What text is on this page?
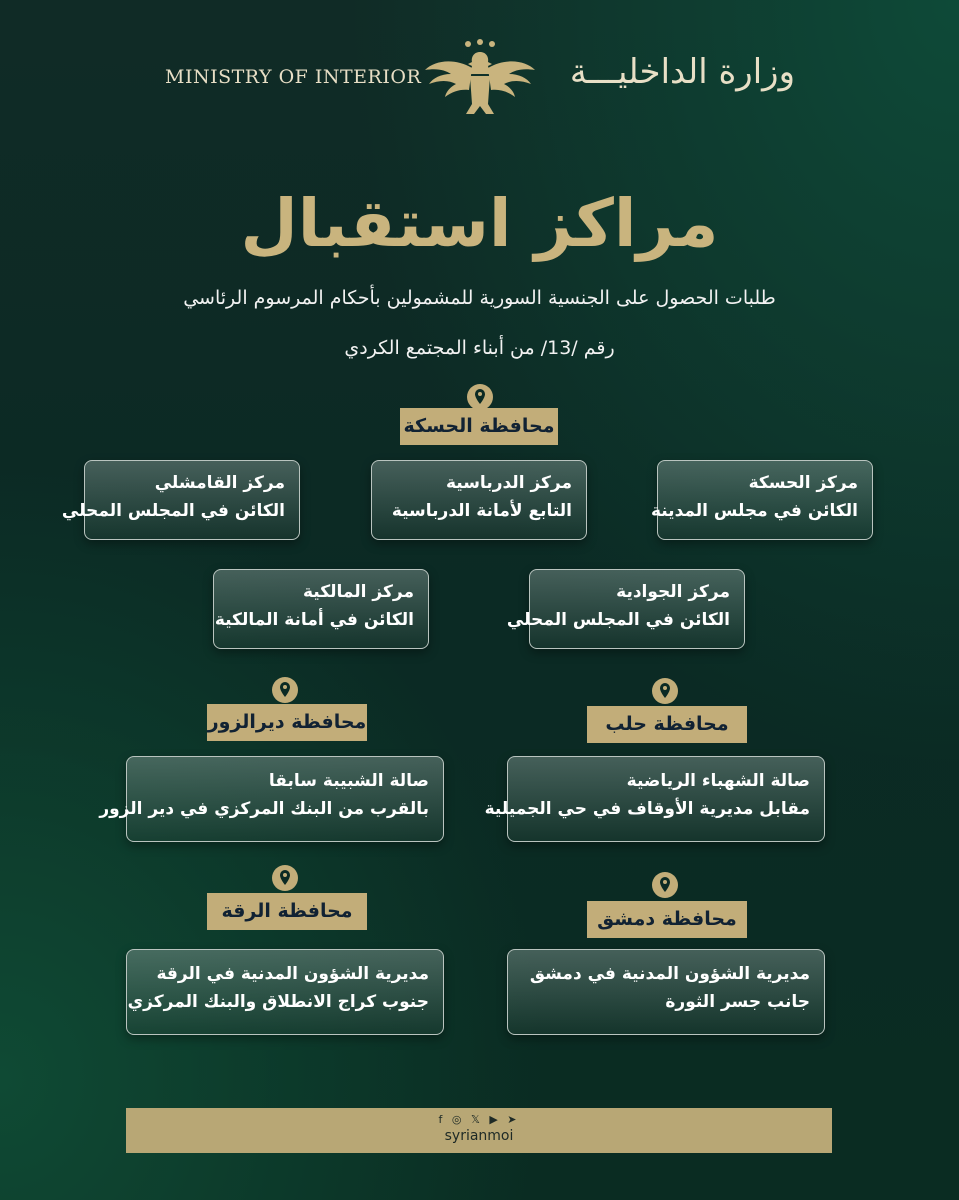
MINISTRY OF INTERIOR	وزارة الداخليـــة
مراكز استقبال
طلبات الحصول على الجنسية السورية للمشمولين بأحكام المرسوم الرئاسي
رقم /13/ من أبناء المجتمع الكردي
محافظة الحسكة
محافظة ديرالزور	محافظة حلب
محافظة الرقة	محافظة دمشق
مركز الحسكة
الكائن في مجلس المدينة
مركز الدرباسية
التابع لأمانة الدرباسية
مركز القامشلي
الكائن في المجلس المحلي
مركز الجوادية
الكائن في المجلس المحلي
مركز المالكية
الكائن في أمانة المالكية
صالة الشهباء الرياضية
مقابل مديرية الأوقاف في حي الجميلية
صالة الشبيبة سابقا
بالقرب من البنك المركزي في دير الزور
مديرية الشؤون المدنية في دمشق
جانب جسر الثورة
مديرية الشؤون المدنية في الرقة
جنوب كراج الانطلاق والبنك المركزي
f ◎ 𝕏 ▶ ➤
syrianmoi
